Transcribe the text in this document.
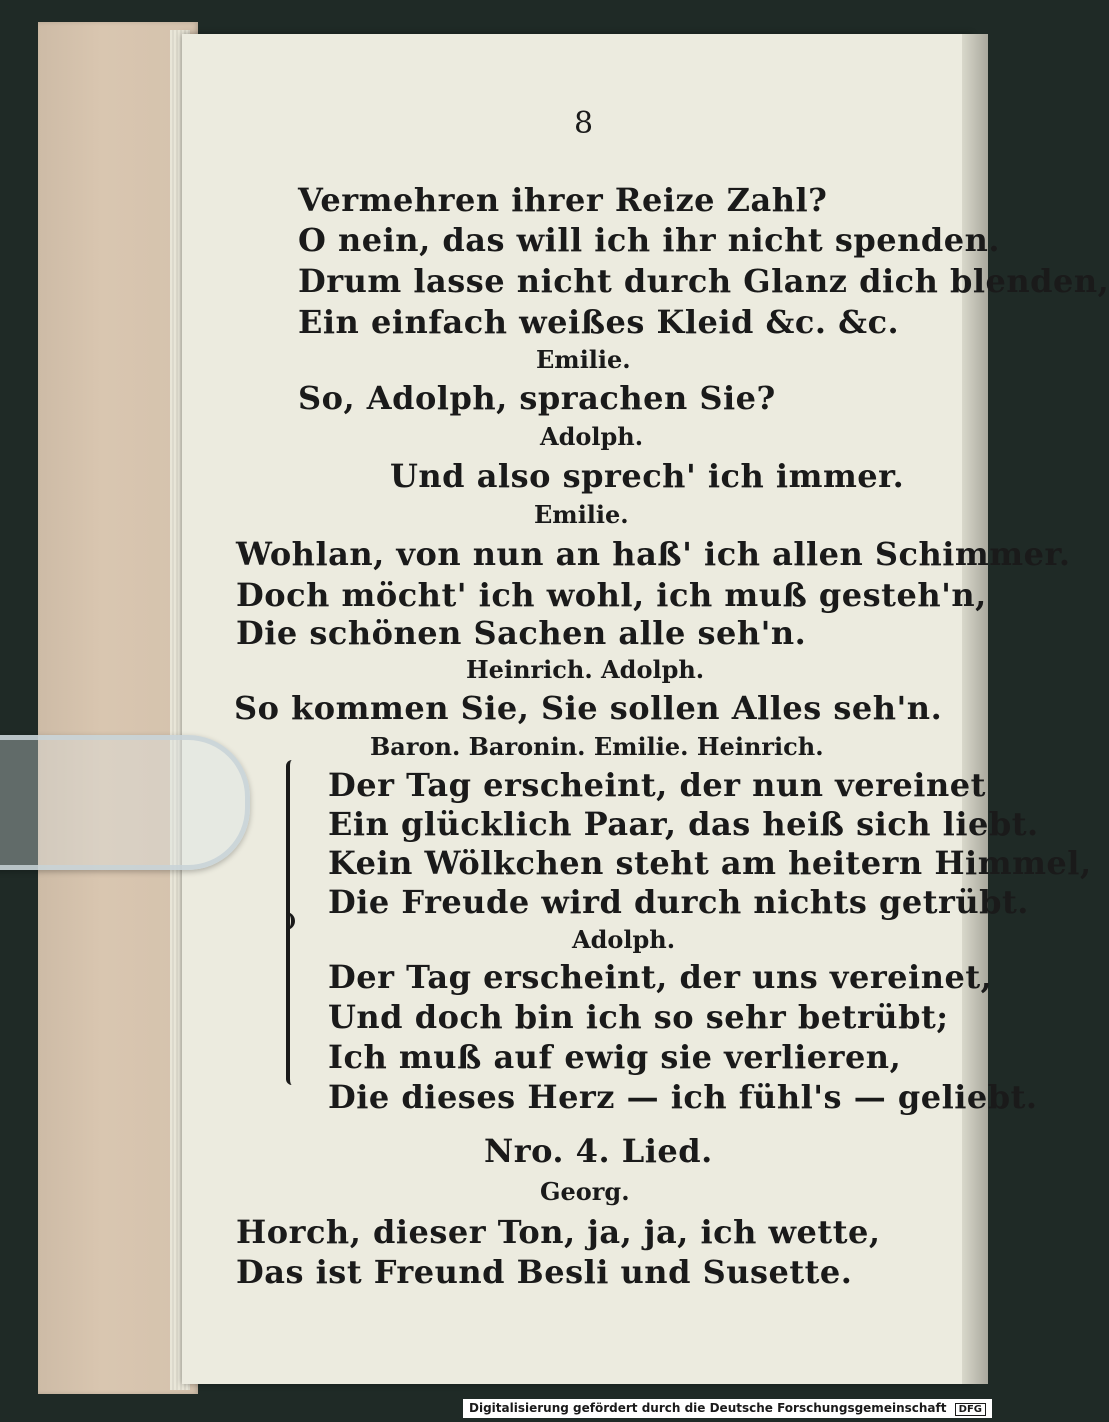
8
Vermehren ihrer Reize Zahl?
O nein, das will ich ihr nicht spenden.
Drum lasse nicht durch Glanz dich blenden,
Ein einfach weißes Kleid &c. &c.
Emilie.
So, Adolph, sprachen Sie?
Adolph.
Und also sprech' ich immer.
Emilie.
Wohlan, von nun an haß' ich allen Schimmer.
Doch möcht' ich wohl, ich muß gesteh'n,
Die schönen Sachen alle seh'n.
Heinrich. Adolph.
So kommen Sie, Sie sollen Alles seh'n.
Baron. Baronin. Emilie. Heinrich.
Der Tag erscheint, der nun vereinet
Ein glücklich Paar, das heiß sich liebt.
Kein Wölkchen steht am heitern Himmel,
Die Freude wird durch nichts getrübt.
Adolph.
Der Tag erscheint, der uns vereinet,
Und doch bin ich so sehr betrübt;
Ich muß auf ewig sie verlieren,
Die dieses Herz — ich fühl's — geliebt.
Nro. 4. Lied.
Georg.
Horch, dieser Ton, ja, ja, ich wette,
Das ist Freund Besli und Susette.
Digitalisierung gefördert durch die Deutsche Forschungsgemeinschaft DFG
